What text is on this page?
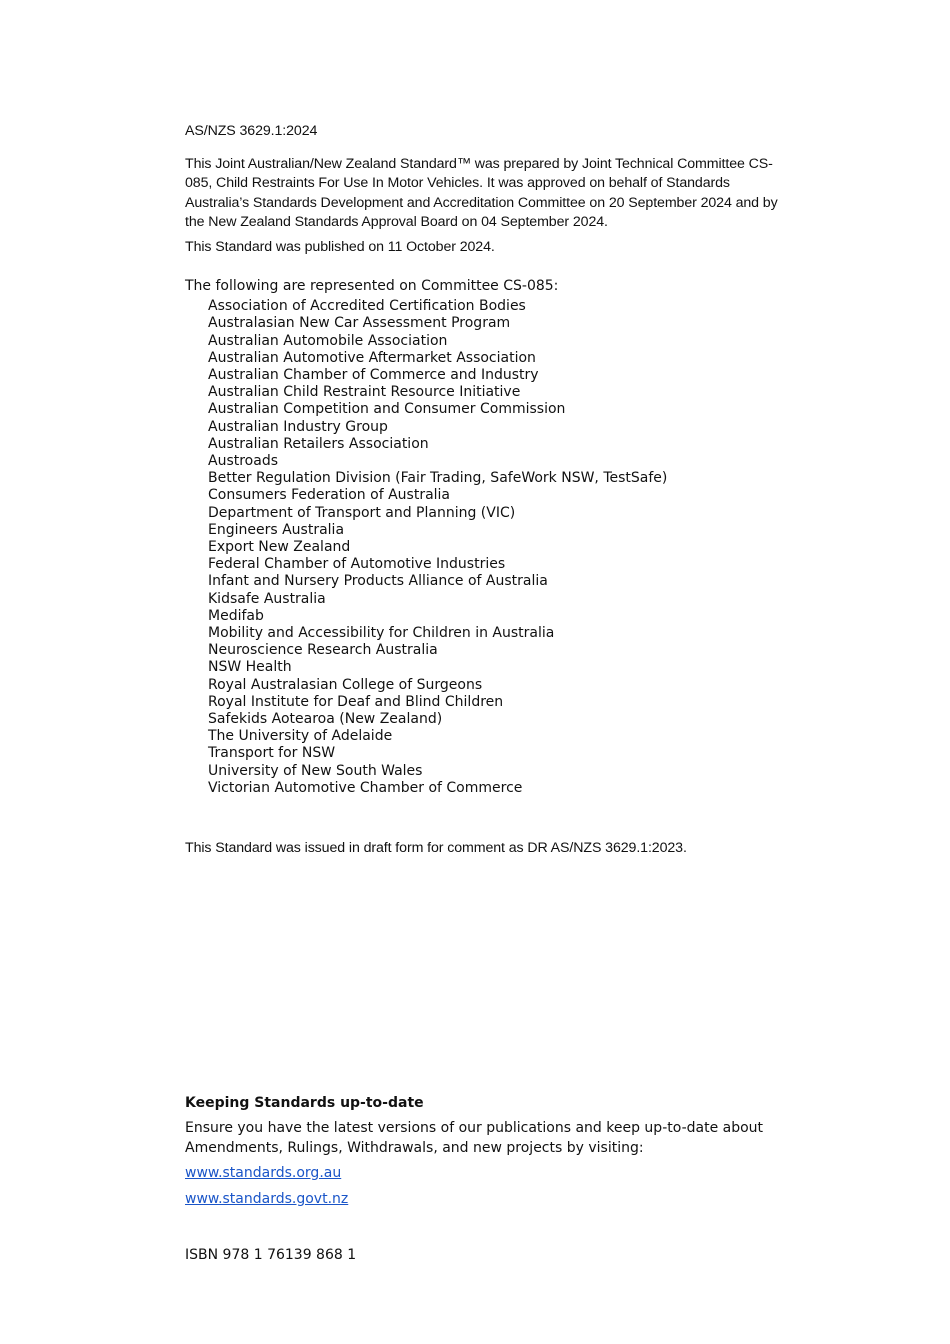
AS/NZS 3629.1:2024

This Joint Australian/New Zealand Standard™ was prepared by Joint Technical Committee CS-085, Child Restraints For Use In Motor Vehicles. It was approved on behalf of Standards Australia’s Standards Development and Accreditation Committee on 20 September 2024 and by the New Zealand Standards Approval Board on 04 September 2024.

This Standard was published on 11 October 2024.

The following are represented on Committee CS-085:
Association of Accredited Certification Bodies
Australasian New Car Assessment Program
Australian Automobile Association
Australian Automotive Aftermarket Association
Australian Chamber of Commerce and Industry
Australian Child Restraint Resource Initiative
Australian Competition and Consumer Commission
Australian Industry Group
Australian Retailers Association
Austroads
Better Regulation Division (Fair Trading, SafeWork NSW, TestSafe)
Consumers Federation of Australia
Department of Transport and Planning (VIC)
Engineers Australia
Export New Zealand
Federal Chamber of Automotive Industries
Infant and Nursery Products Alliance of Australia
Kidsafe Australia
Medifab
Mobility and Accessibility for Children in Australia
Neuroscience Research Australia
NSW Health
Royal Australasian College of Surgeons
Royal Institute for Deaf and Blind Children
Safekids Aotearoa (New Zealand)
The University of Adelaide
Transport for NSW
University of New South Wales
Victorian Automotive Chamber of Commerce

This Standard was issued in draft form for comment as DR AS/NZS 3629.1:2023.

Keeping Standards up-to-date

Ensure you have the latest versions of our publications and keep up-to-date about Amendments, Rulings, Withdrawals, and new projects by visiting:

www.standards.org.au
www.standards.govt.nz

ISBN 978 1 76139 868 1
